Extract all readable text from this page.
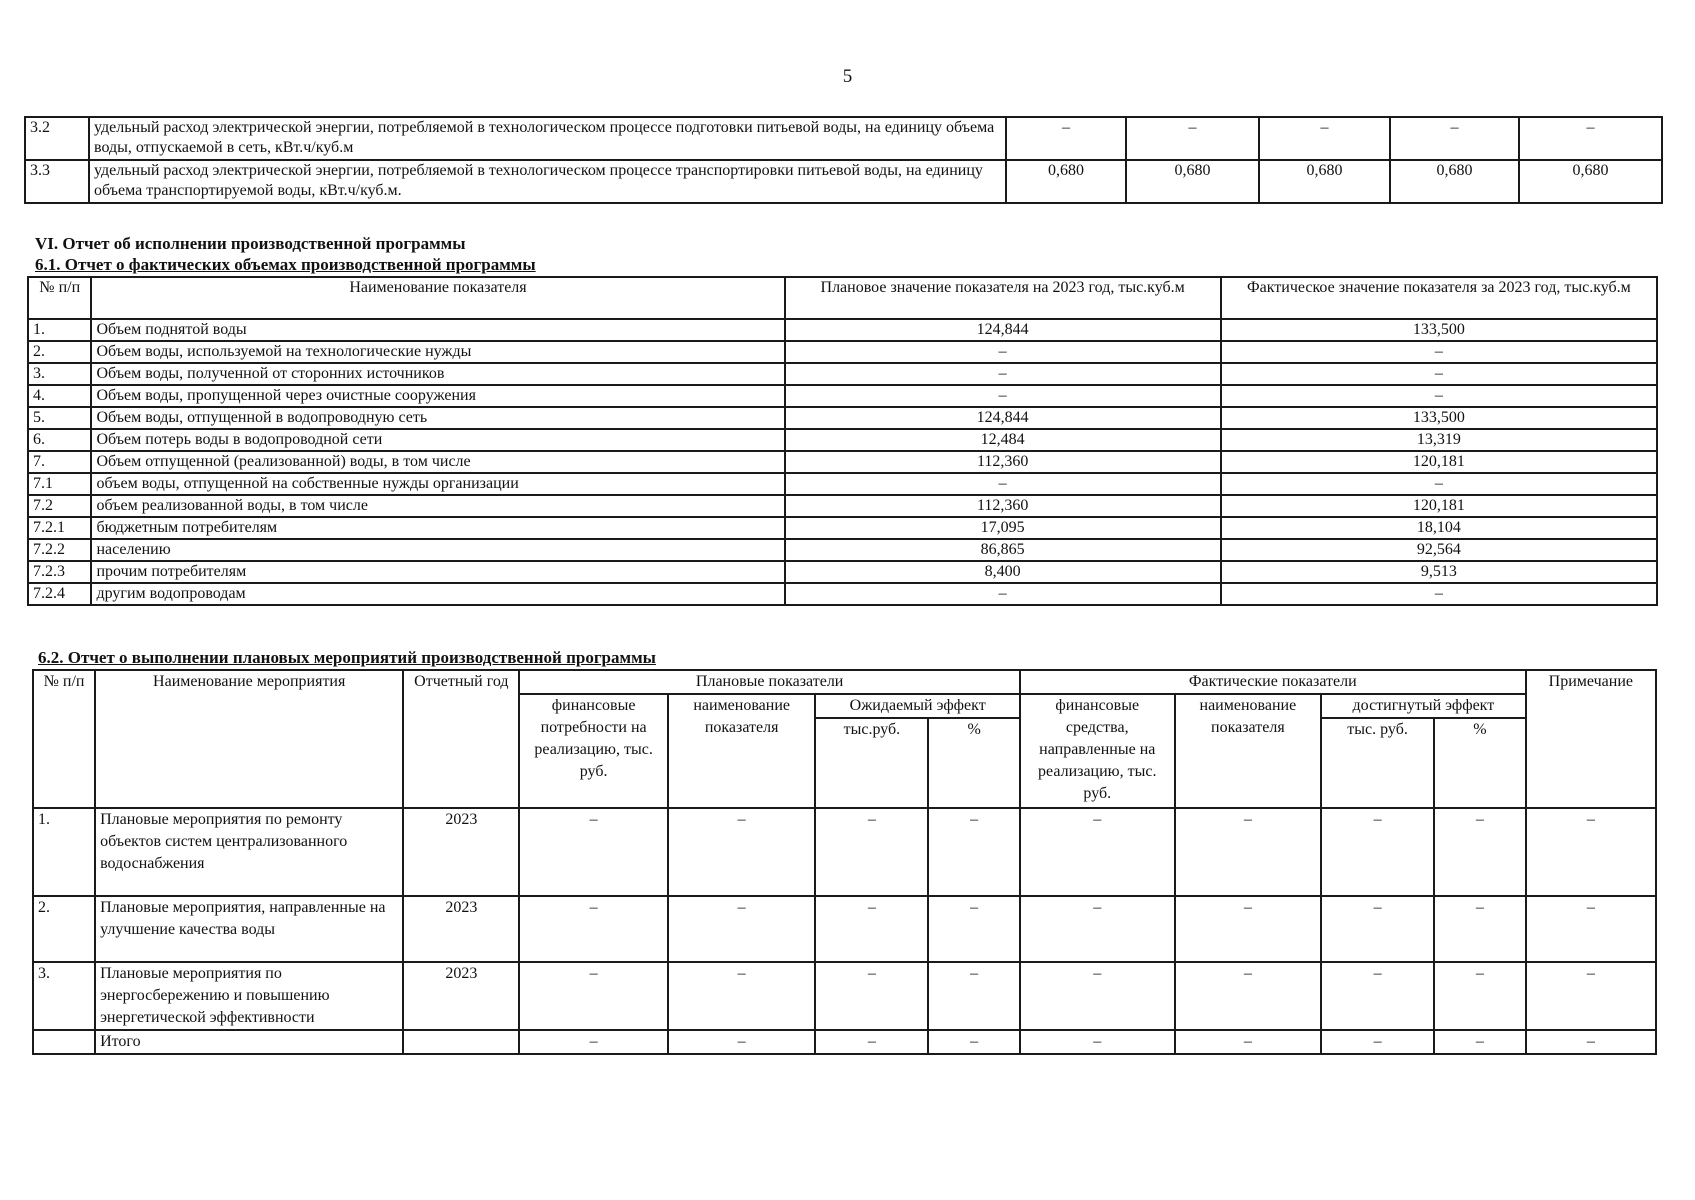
5
3.2	удельный расход электрической энергии, потребляемой в технологическом процессе подготовки питьевой воды, на единицу объема воды, отпускаемой в сеть, кВт.ч/куб.м	–	–	–	–	–
3.3	удельный расход электрической энергии, потребляемой в технологическом процессе транспортировки питьевой воды, на единицу объема транспортируемой воды, кВт.ч/куб.м.	0,680	0,680	0,680	0,680	0,680
VI. Отчет об исполнении производственной программы
6.1. Отчет о фактических объемах производственной программы
№ п/п	Наименование показателя	Плановое значение показателя на 2023 год, тыс.куб.м	Фактическое значение показателя за 2023 год, тыс.куб.м
1.	Объем поднятой воды	124,844	133,500
2.	Объем воды, используемой на технологические нужды	–	–
3.	Объем воды, полученной от сторонних источников	–	–
4.	Объем воды, пропущенной через очистные сооружения	–	–
5.	Объем воды, отпущенной в водопроводную сеть	124,844	133,500
6.	Объем потерь воды в водопроводной сети	12,484	13,319
7.	Объем отпущенной (реализованной) воды, в том числе	112,360	120,181
7.1	объем воды, отпущенной на собственные нужды организации	–	–
7.2	объем реализованной воды, в том числе	112,360	120,181
7.2.1	бюджетным потребителям	17,095	18,104
7.2.2	населению	86,865	92,564
7.2.3	прочим потребителям	8,400	9,513
7.2.4	другим водопроводам	–	–
6.2. Отчет о выполнении плановых мероприятий производственной программы
№ п/п	Наименование мероприятия	Отчетный год	Плановые показатели				Фактические показатели				Примечание
			финансовые потребности на реализацию, тыс. руб.	наименование показателя	Ожидаемый эффект		финансовые средства, направленные на реализацию, тыс. руб.	наименование показателя	достигнутый эффект		
					тыс.руб.	%			тыс. руб.	%	
1.	Плановые мероприятия по ремонту объектов систем централизованного водоснабжения	2023	–	–	–	–	–	–	–	–	–
2.	Плановые мероприятия, направленные на улучшение качества воды	2023	–	–	–	–	–	–	–	–	–
3.	Плановые мероприятия по энергосбережению и повышению энергетической эффективности	2023	–	–	–	–	–	–	–	–	–
	Итого		–	–	–	–	–	–	–	–	–
